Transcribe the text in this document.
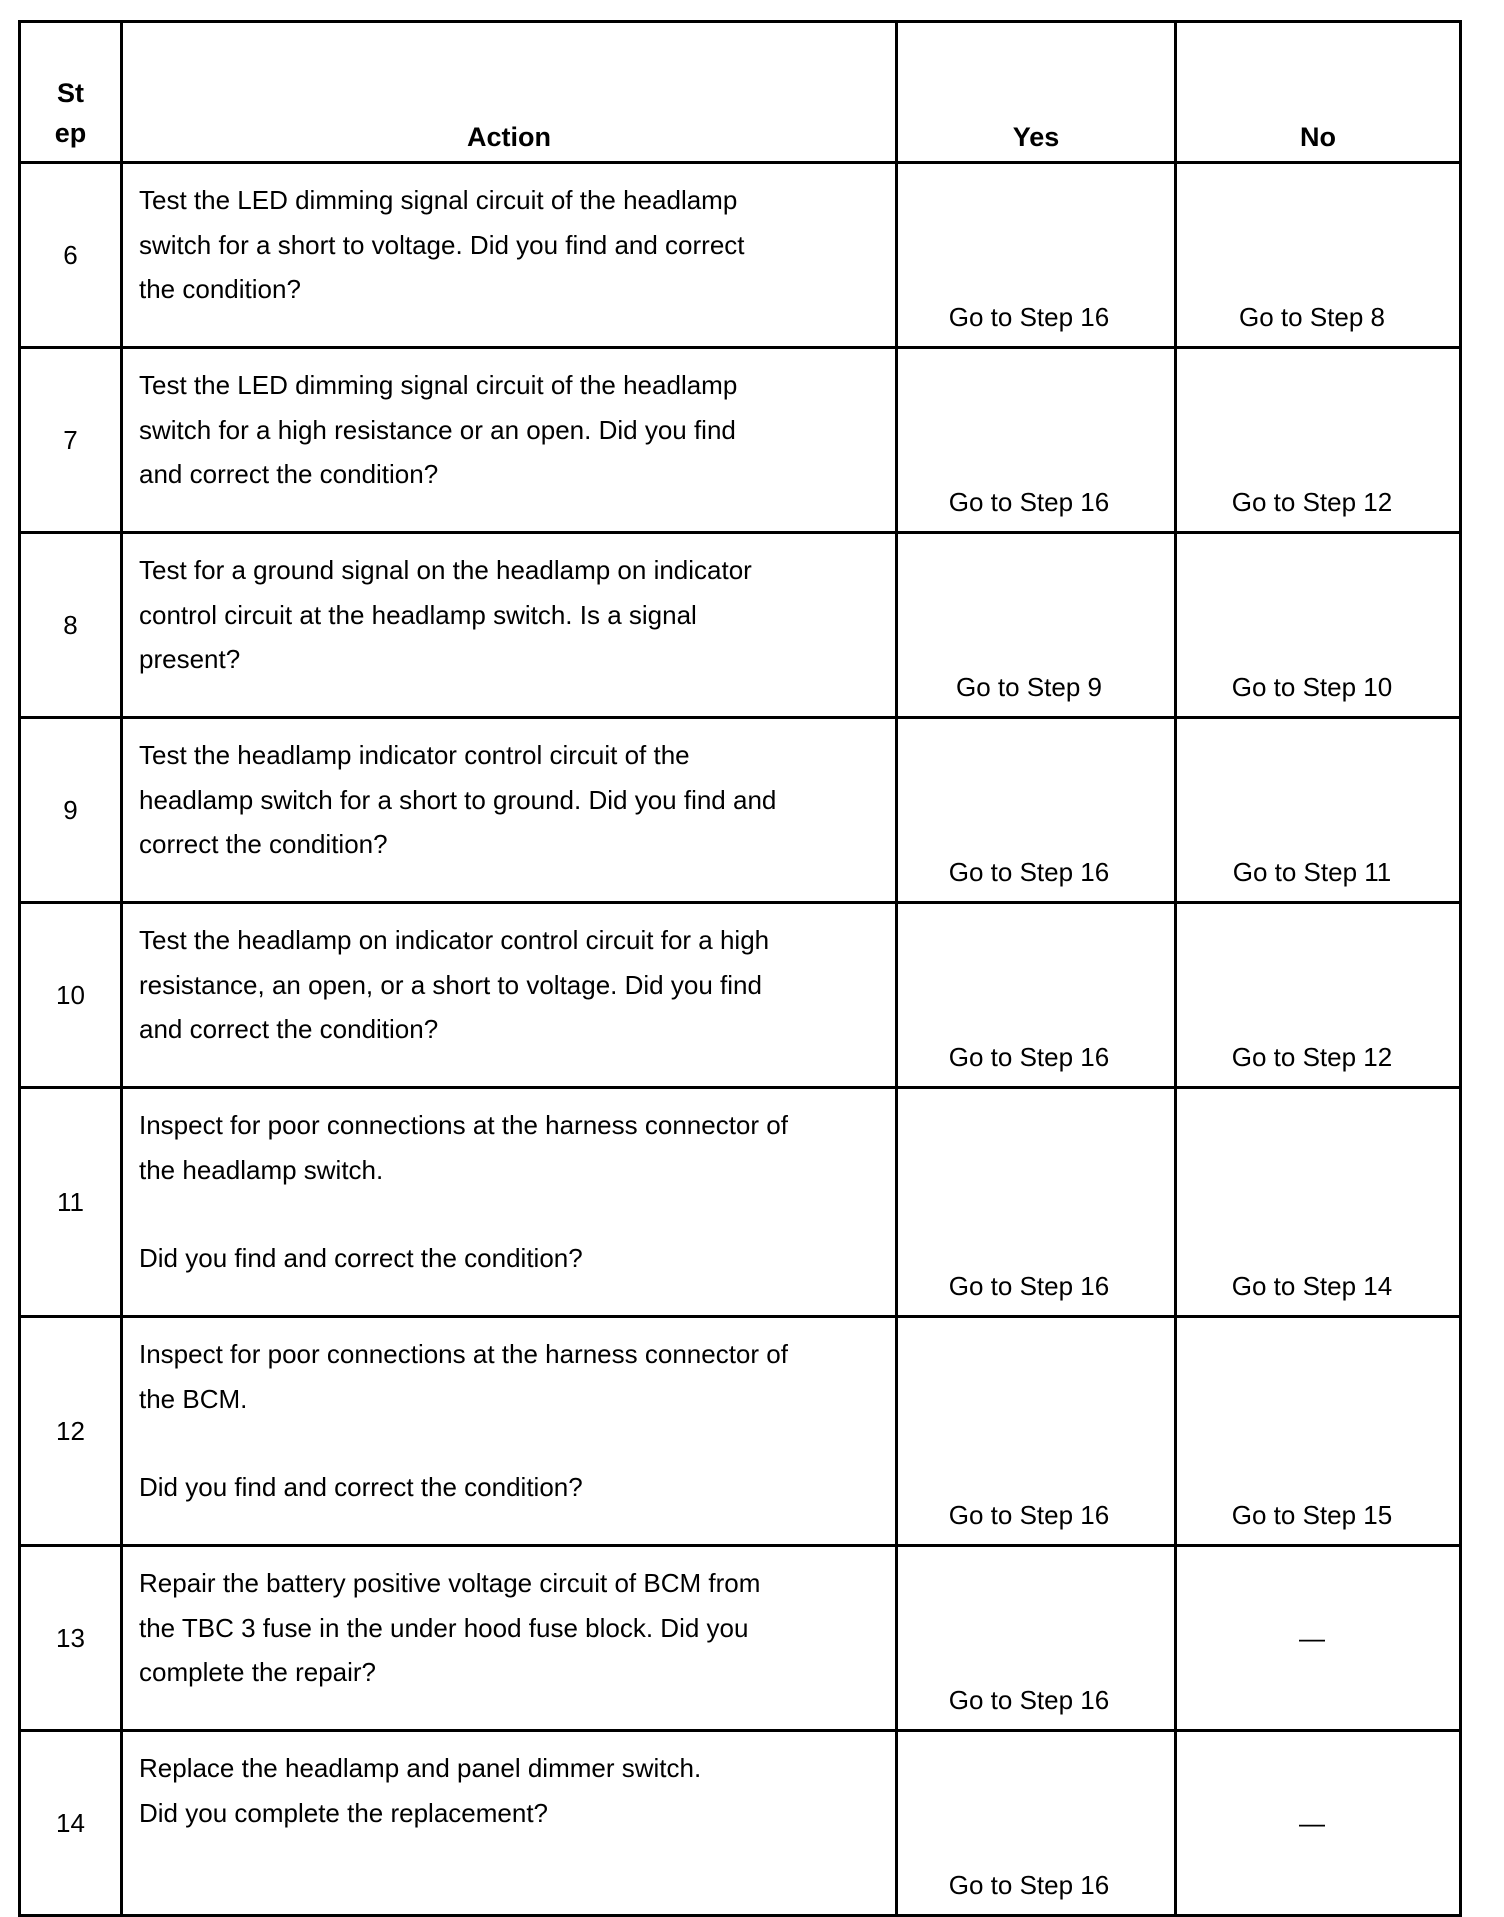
St
ep	Action	Yes	No
6	Test the LED dimming signal circuit of the headlamp
switch for a short to voltage. Did you find and correct
the condition?	Go to Step 16	Go to Step 8
7	Test the LED dimming signal circuit of the headlamp
switch for a high resistance or an open. Did you find
and correct the condition?	Go to Step 16	Go to Step 12
8	Test for a ground signal on the headlamp on indicator
control circuit at the headlamp switch. Is a signal
present?	Go to Step 9	Go to Step 10
9	Test the headlamp indicator control circuit of the
headlamp switch for a short to ground. Did you find and
correct the condition?	Go to Step 16	Go to Step 11
10	Test the headlamp on indicator control circuit for a high
resistance, an open, or a short to voltage. Did you find
and correct the condition?	Go to Step 16	Go to Step 12
11	Inspect for poor connections at the harness connector of
the headlamp switch.
Did you find and correct the condition?	Go to Step 16	Go to Step 14
12	Inspect for poor connections at the harness connector of
the BCM.
Did you find and correct the condition?	Go to Step 16	Go to Step 15
13	Repair the battery positive voltage circuit of BCM from
the TBC 3 fuse in the under hood fuse block. Did you
complete the repair?	Go to Step 16	—
14	Replace the headlamp and panel dimmer switch.
Did you complete the replacement?	Go to Step 16	—
